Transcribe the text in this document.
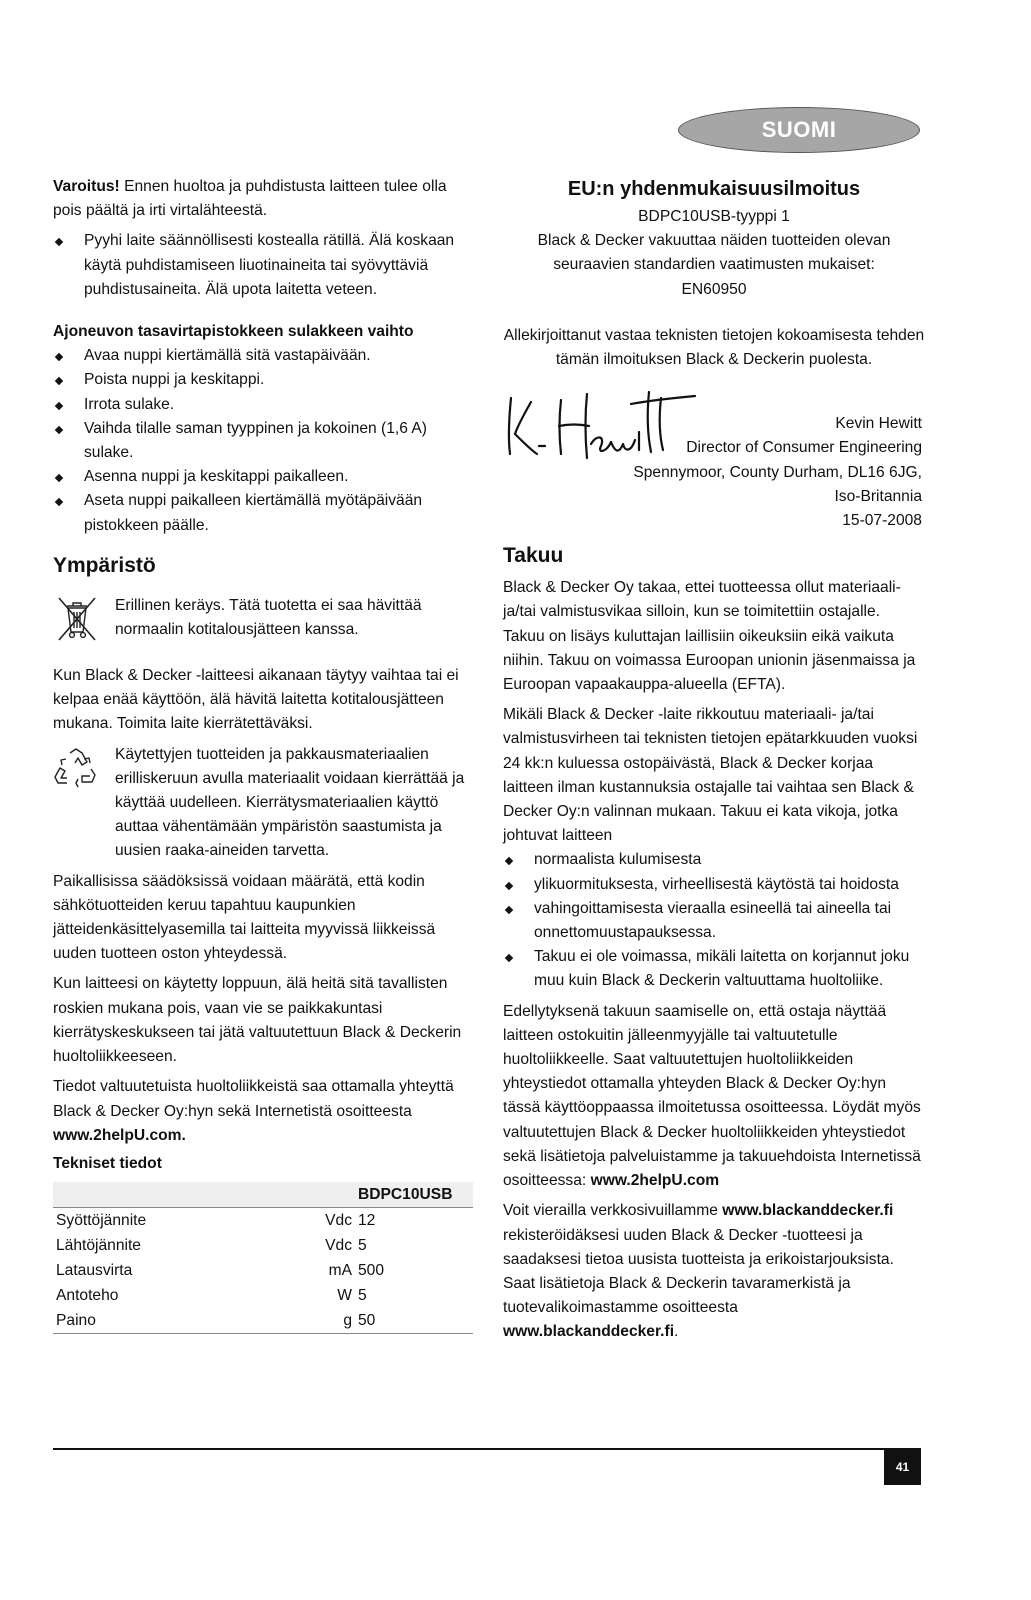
SUOMI

Varoitus! Ennen huoltoa ja puhdistusta laitteen tulee olla pois päältä ja irti virtalähteestä.

Pyyhi laite säännöllisesti kostealla rätillä. Älä koskaan käytä puhdistamiseen liuotinaineita tai syövyttäviä puhdistusaineita. Älä upota laitetta veteen.

Ajoneuvon tasavirtapistokkeen sulakkeen vaihto

Avaa nuppi kiertämällä sitä vastapäivään.
Poista nuppi ja keskitappi.
Irrota sulake.
Vaihda tilalle saman tyyppinen ja kokoinen (1,6 A) sulake.
Asenna nuppi ja keskitappi paikalleen.
Aseta nuppi paikalleen kiertämällä myötäpäivään pistokkeen päälle.
Ympäristö
Erillinen keräys. Tätä tuotetta ei saa hävittää normaalin kotitalousjätteen kanssa.

Kun Black & Decker -laitteesi aikanaan täytyy vaihtaa tai ei kelpaa enää käyttöön, älä hävitä laitetta kotitalousjätteen mukana. Toimita laite kierrätettäväksi.

Käytettyjen tuotteiden ja pakkausmateriaalien erilliskeruun avulla materiaalit voidaan kierrättää ja käyttää uudelleen. Kierrätysmateriaalien käyttö auttaa vähentämään ympäristön saastumista ja uusien raaka-aineiden tarvetta.

Paikallisissa säädöksissä voidaan määrätä, että kodin sähkötuotteiden keruu tapahtuu kaupunkien jätteidenkäsittelyasemilla tai laitteita myyvissä liikkeissä uuden tuotteen oston yhteydessä.

Kun laitteesi on käytetty loppuun, älä heitä sitä tavallisten roskien mukana pois, vaan vie se paikkakuntasi kierrätyskeskukseen tai jätä valtuutettuun Black & Deckerin huoltoliikkeeseen.

Tiedot valtuutetuista huoltoliikkeistä saa ottamalla yhteyttä Black & Decker Oy:hyn sekä Internetistä osoitteesta
www.2helpU.com.

Tekniset tiedot

		BDPC10USB
Syöttöjännite	Vdc	12
Lähtöjännite	Vdc	5
Latausvirta	mA	500
Antoteho	W	5
Paino	g	50
EU:n yhdenmukaisuusilmoitus
BDPC10USB-tyyppi 1
Black & Decker vakuuttaa näiden tuotteiden olevan seuraavien standardien vaatimusten mukaiset:
EN60950
Allekirjoittanut vastaa teknisten tietojen kokoamisesta tehden tämän ilmoituksen Black & Deckerin puolesta.
Kevin Hewitt
Director of Consumer Engineering
Spennymoor, County Durham, DL16 6JG,
Iso-Britannia
15-07-2008
Takuu

Black & Decker Oy takaa, ettei tuotteessa ollut materiaali- ja/tai valmistusvikaa silloin, kun se toimitettiin ostajalle. Takuu on lisäys kuluttajan laillisiin oikeuksiin eikä vaikuta niihin. Takuu on voimassa Euroopan unionin jäsenmaissa ja Euroopan vapaakauppa-alueella (EFTA).

Mikäli Black & Decker -laite rikkoutuu materiaali- ja/tai valmistusvirheen tai teknisten tietojen epätarkkuuden vuoksi 24 kk:n kuluessa ostopäivästä, Black & Decker korjaa laitteen ilman kustannuksia ostajalle tai vaihtaa sen Black & Decker Oy:n valinnan mukaan. Takuu ei kata vikoja, jotka johtuvat laitteen

normaalista kulumisesta
ylikuormituksesta, virheellisestä käytöstä tai hoidosta
vahingoittamisesta vieraalla esineellä tai aineella tai onnettomuustapauksessa.
Takuu ei ole voimassa, mikäli laitetta on korjannut joku muu kuin Black & Deckerin valtuuttama huoltoliike.

Edellytyksenä takuun saamiselle on, että ostaja näyttää laitteen ostokuitin jälleenmyyjälle tai valtuutetulle huoltoliikkeelle. Saat valtuutettujen huoltoliikkeiden yhteystiedot ottamalla yhteyden Black & Decker Oy:hyn tässä käyttöoppaassa ilmoitetussa osoitteessa. Löydät myös valtuutettujen Black & Decker huoltoliikkeiden yhteystiedot sekä lisätietoja palveluistamme ja takuuehdoista Internetissä osoitteessa: www.2helpU.com

Voit vierailla verkkosivuillamme www.blackanddecker.fi rekisteröidäksesi uuden Black & Decker -tuotteesi ja saadaksesi tietoa uusista tuotteista ja erikoistarjouksista. Saat lisätietoja Black & Deckerin tavaramerkistä ja tuotevalikoimastamme osoitteesta
www.blackanddecker.fi.

41
